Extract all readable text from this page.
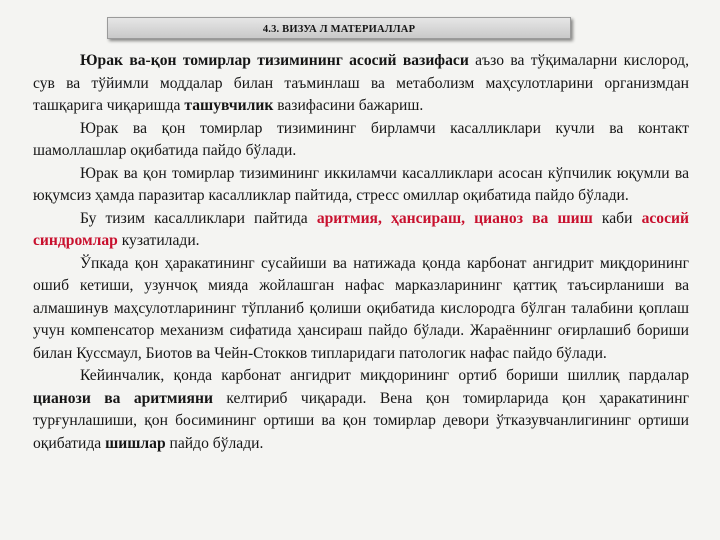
4.3. ВИЗУА Л МАТЕРИАЛЛАР

Юрак ва-қон томирлар тизимининг асосий вазифаси аъзо ва тўқималарни кислород, сув ва тўйимли моддалар билан таъминлаш ва метаболизм маҳсулотларини организмдан ташқарига чиқаришда ташувчилик вазифасини бажариш.

Юрак ва қон томирлар тизимининг бирламчи касалликлари кучли ва контакт шамоллашлар оқибатида пайдо бўлади.

Юрак ва қон томирлар тизимининг иккиламчи касалликлари асосан кўпчилик юқумли ва юқумсиз ҳамда паразитар касалликлар пайтида, стресс омиллар оқибатида пайдо бўлади.

Бу тизим касалликлари пайтида аритмия, ҳансираш, цианоз ва шиш каби асосий синдромлар кузатилади.

Ўпкада қон ҳаракатининг сусайиши ва натижада қонда карбонат ангидрит миқдорининг ошиб кетиши, узунчоқ мияда жойлашган нафас марказларининг қаттиқ таъсирланиши ва алмашинув маҳсулотларининг тўпланиб қолиши оқибатида кислородга бўлган талабини қоплаш учун компенсатор механизм сифатида ҳансираш пайдо бўлади. Жараённинг оғирлашиб бориши билан Куссмаул, Биотов ва Чейн-Стокков типларидаги патологик нафас пайдо бўлади.

Кейинчалик, қонда карбонат ангидрит миқдорининг ортиб бориши шиллиқ пардалар цианози ва аритмияни келтириб чиқаради. Вена қон томирларида қон ҳаракатининг турғунлашиши, қон босимининг ортиши ва қон томирлар девори ўтказувчанлигининг ортиши оқибатида шишлар пайдо бўлади.
